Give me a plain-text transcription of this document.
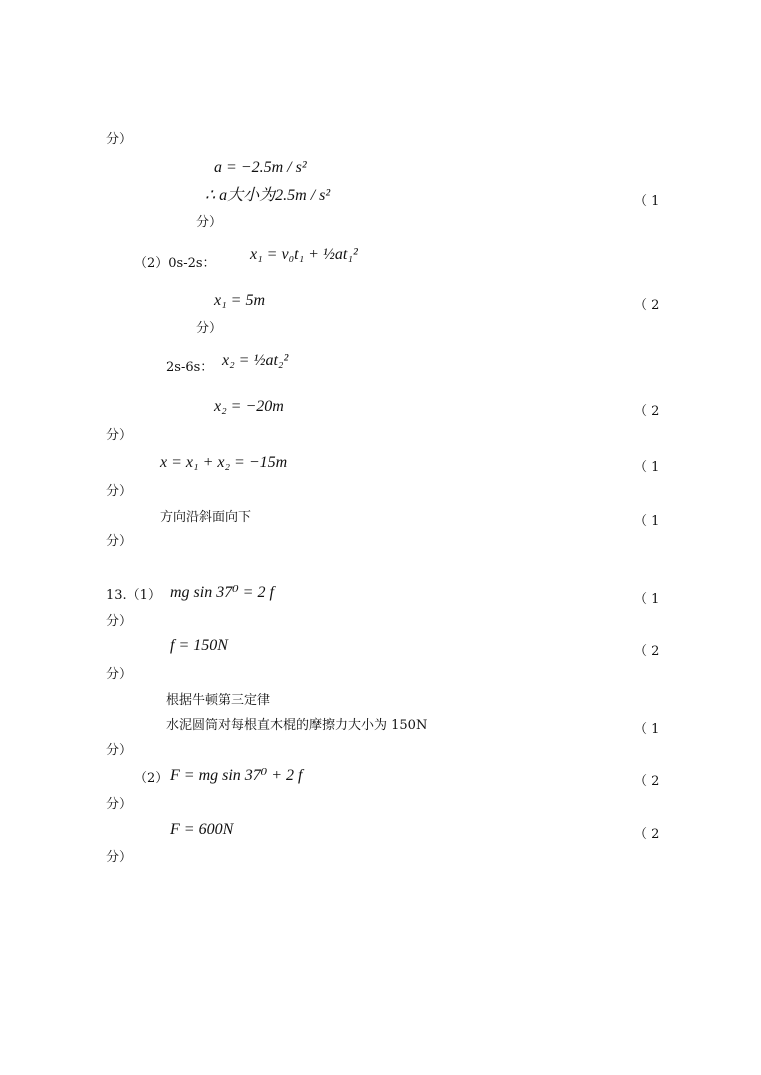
分）
a = −2.5m / s²
∴ a大小为2.5m / s²	（ 1
分）
（2）0s-2s：
x₁ = v₀t₁ + ½at₁²
x₁ = 5m	（ 2
分）
2s-6s： x₂ = ½at₂²
x₂ = −20m	（ 2
分）
x = x₁ + x₂ = −15m	（ 1
分）
方向沿斜面向下	（ 1
分）
13.（1） mg sin 37⁰ = 2 f	（ 1
分）
f = 150N	（ 2
分）
根据牛顿第三定律
水泥圆筒对每根直木棍的摩擦力大小为 150N	（ 1
分）
（2） F = mg sin 37⁰ + 2 f	（ 2
分）
F = 600N	（ 2
分）
